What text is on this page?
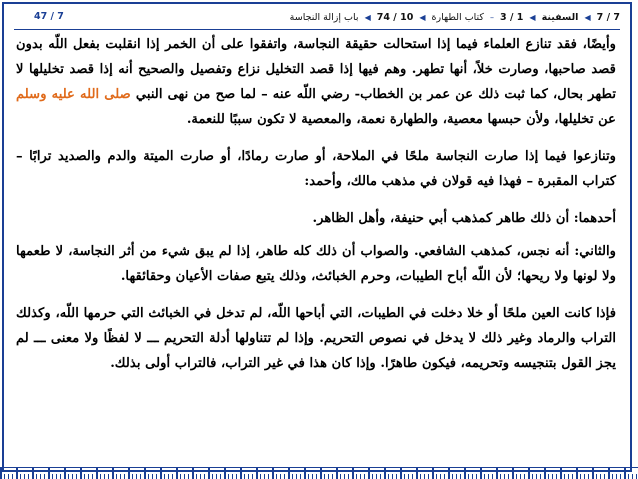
7 / 7 ◀ السفينة ◀ 1 / 3 – كتاب الطهارة ◀ 10 / 74 ◀ باب إزالة النجاسة
47 / 7

وأيضًا، فقد تنازع العلماء فيما إذا استحالت حقيقة النجاسة، واتفقوا على أن الخمر إذا انقلبت بفعل اللّه بدون قصد صاحبها، وصارت خلاً، أنها تطهر. وهم فيها إذا قصد التخليل نزاع وتفصيل والصحيح أنه إذا قصد تخليلها لا تطهر بحال، كما ثبت ذلك عن عمر بن الخطاب- رضي اللّه عنه – لما صح من نهى النبي صلى الله عليه وسلم عن تخليلها، ولأن حبسها معصية، والطهارة نعمة، والمعصية لا تكون سببًا للنعمة.

وتنازعوا فيما إذا صارت النجاسة ملحًا في الملاحة، أو صارت رمادًا، أو صارت الميتة والدم والصديد ترابًا – كتراب المقبرة – فهذا فيه قولان في مذهب مالك، وأحمد:

أحدهما: أن ذلك طاهر كمذهب أبي حنيفة، وأهل الظاهر.

والثاني: أنه نجس، كمذهب الشافعي. والصواب أن ذلك كله طاهر، إذا لم يبق شيء من أثر النجاسة، لا طعمها ولا لونها ولا ريحها؛ لأن اللّه أباح الطيبات، وحرم الخبائث، وذلك يتبع صفات الأعيان وحقائقها.

فإذا كانت العين ملحًا أو خلا دخلت في الطيبات، التي أباحها اللّه، لم تدخل في الخبائث التي حرمها اللّه، وكذلك التراب والرماد وغير ذلك لا يدخل في نصوص التحريم. وإذا لم تتناولها أدلة التحريم ـــ لا لفظًا ولا معنى ـــ لم يجز القول بتنجيسه وتحريمه، فيكون طاهرًا. وإذا كان هذا في غير التراب، فالتراب أولى بذلك.
